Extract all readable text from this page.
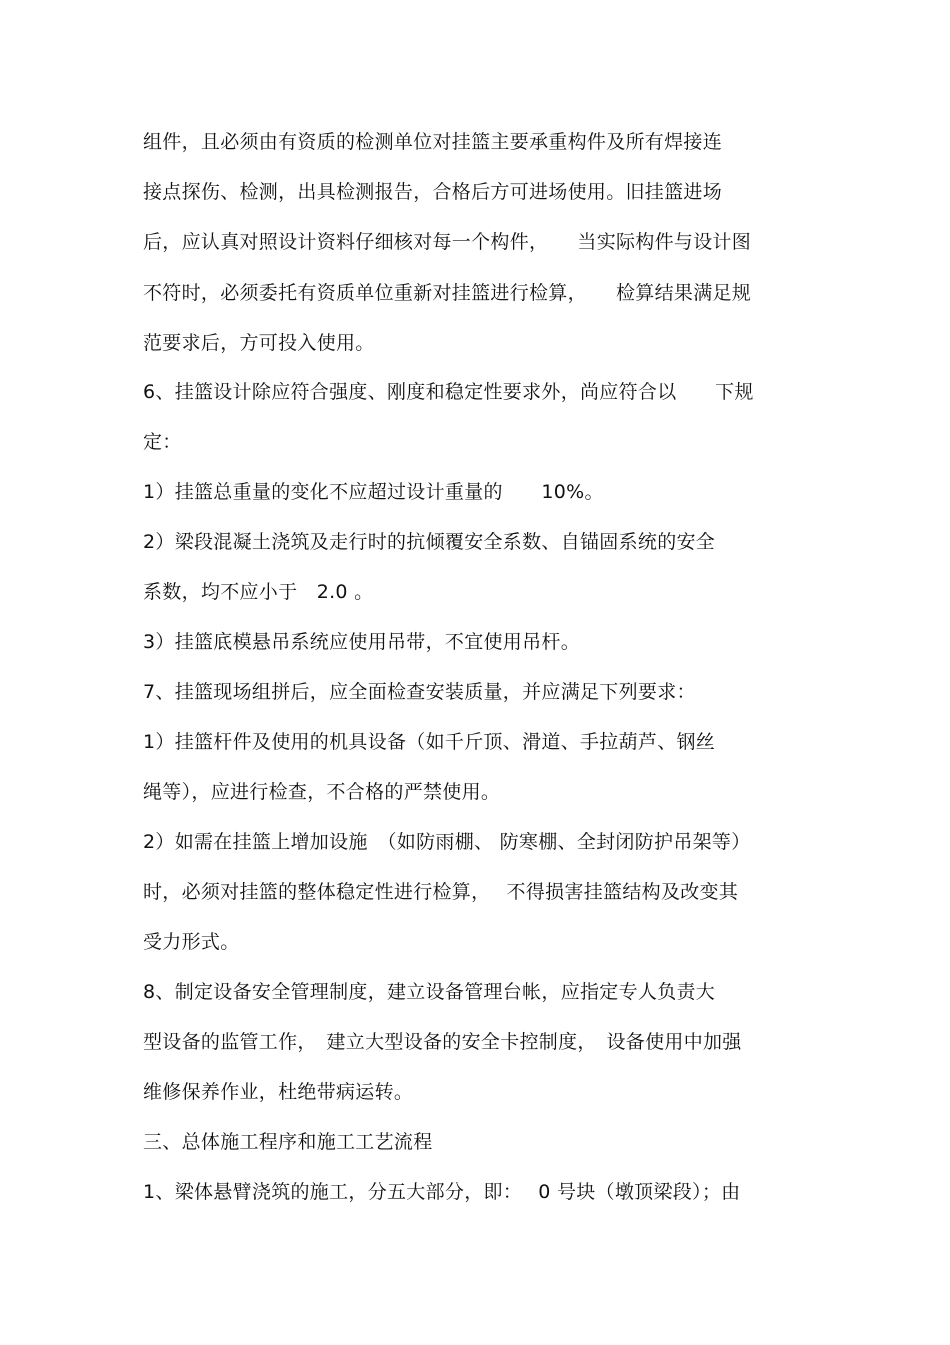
组件，且必须由有资质的检测单位对挂篮主要承重构件及所有焊接连
接点探伤、检测，出具检测报告，合格后方可进场使用。旧挂篮进场
后，应认真对照设计资料仔细核对每一个构件，　　当实际构件与设计图
不符时，必须委托有资质单位重新对挂篮进行检算，　　检算结果满足规
范要求后，方可投入使用。
6、挂篮设计除应符合强度、刚度和稳定性要求外，尚应符合以　　下规
定：
1）挂篮总重量的变化不应超过设计重量的　　10%。
2）梁段混凝土浇筑及走行时的抗倾覆安全系数、自锚固系统的安全
系数，均不应小于　2.0 。
3）挂篮底模悬吊系统应使用吊带，不宜使用吊杆。
7、挂篮现场组拼后，应全面检查安装质量，并应满足下列要求：
1）挂篮杆件及使用的机具设备（如千斤顶、滑道、手拉葫芦、钢丝
绳等），应进行检查，不合格的严禁使用。
2）如需在挂篮上增加设施　（如防雨棚、 防寒棚、全封闭防护吊架等）
时，必须对挂篮的整体稳定性进行检算，　 不得损害挂篮结构及改变其
受力形式。
8、制定设备安全管理制度，建立设备管理台帐，应指定专人负责大
型设备的监管工作，　建立大型设备的安全卡控制度，　设备使用中加强
维修保养作业，杜绝带病运转。
三、总体施工程序和施工工艺流程
1、梁体悬臂浇筑的施工，分五大部分，即：　 0 号块（墩顶梁段）；由
